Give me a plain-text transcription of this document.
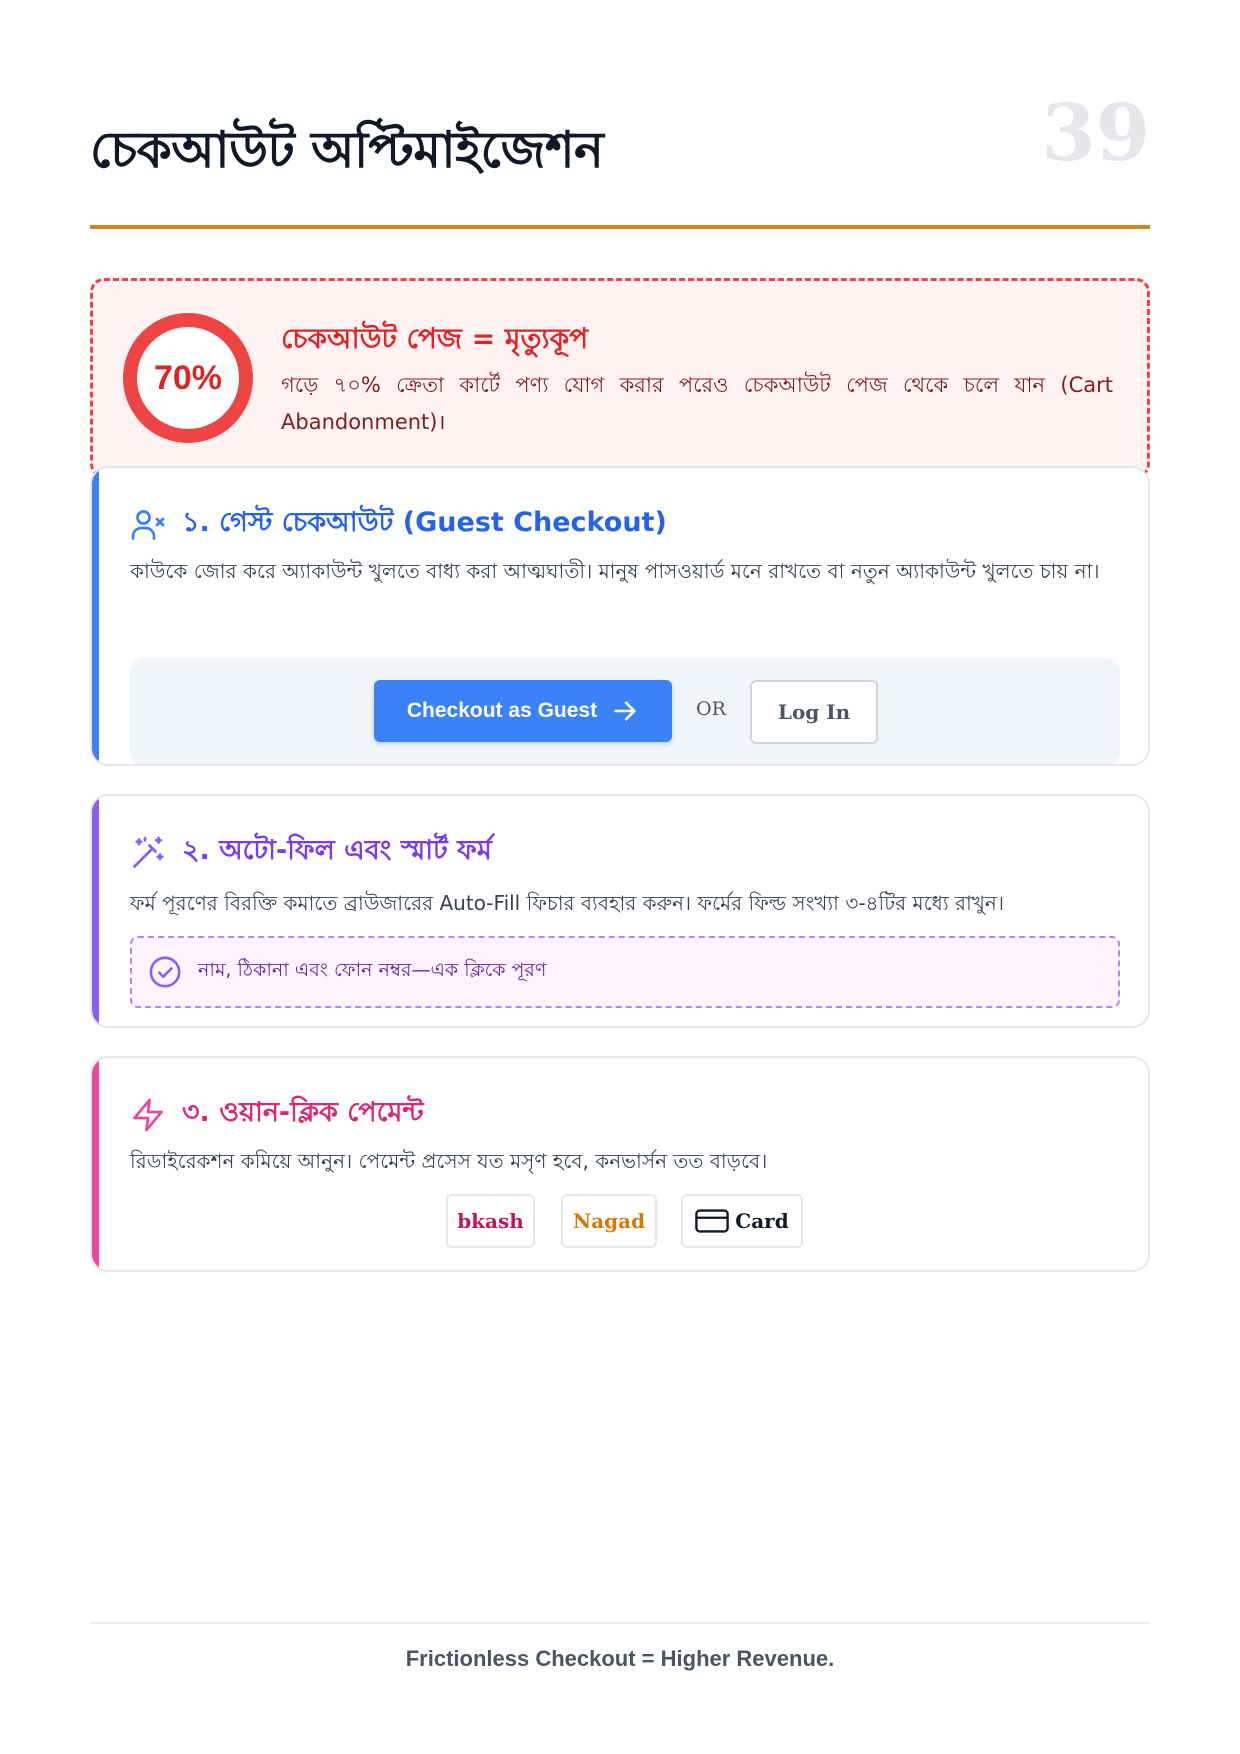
চেকআউট অপ্টিমাইজেশন	39
70%
চেকআউট পেজ = মৃত্যুকূপ
গড়ে ৭০% ক্রেতা কার্টে পণ্য যোগ করার পরেও চেকআউট পেজ থেকে চলে যান (Cart Abandonment)।
১. গেস্ট চেকআউট (Guest Checkout)
কাউকে জোর করে অ্যাকাউন্ট খুলতে বাধ্য করা আত্মঘাতী। মানুষ পাসওয়ার্ড মনে রাখতে বা নতুন অ্যাকাউন্ট খুলতে চায় না।
Checkout as Guest	OR	Log In
২. অটো-ফিল এবং স্মার্ট ফর্ম
ফর্ম পূরণের বিরক্তি কমাতে ব্রাউজারের Auto-Fill ফিচার ব্যবহার করুন। ফর্মের ফিল্ড সংখ্যা ৩-৪টির মধ্যে রাখুন।
নাম, ঠিকানা এবং ফোন নম্বর—এক ক্লিকে পূরণ
৩. ওয়ান-ক্লিক পেমেন্ট
রিডাইরেকশন কমিয়ে আনুন। পেমেন্ট প্রসেস যত মসৃণ হবে, কনভার্সন তত বাড়বে।
bkash	Nagad	Card
Frictionless Checkout = Higher Revenue.
